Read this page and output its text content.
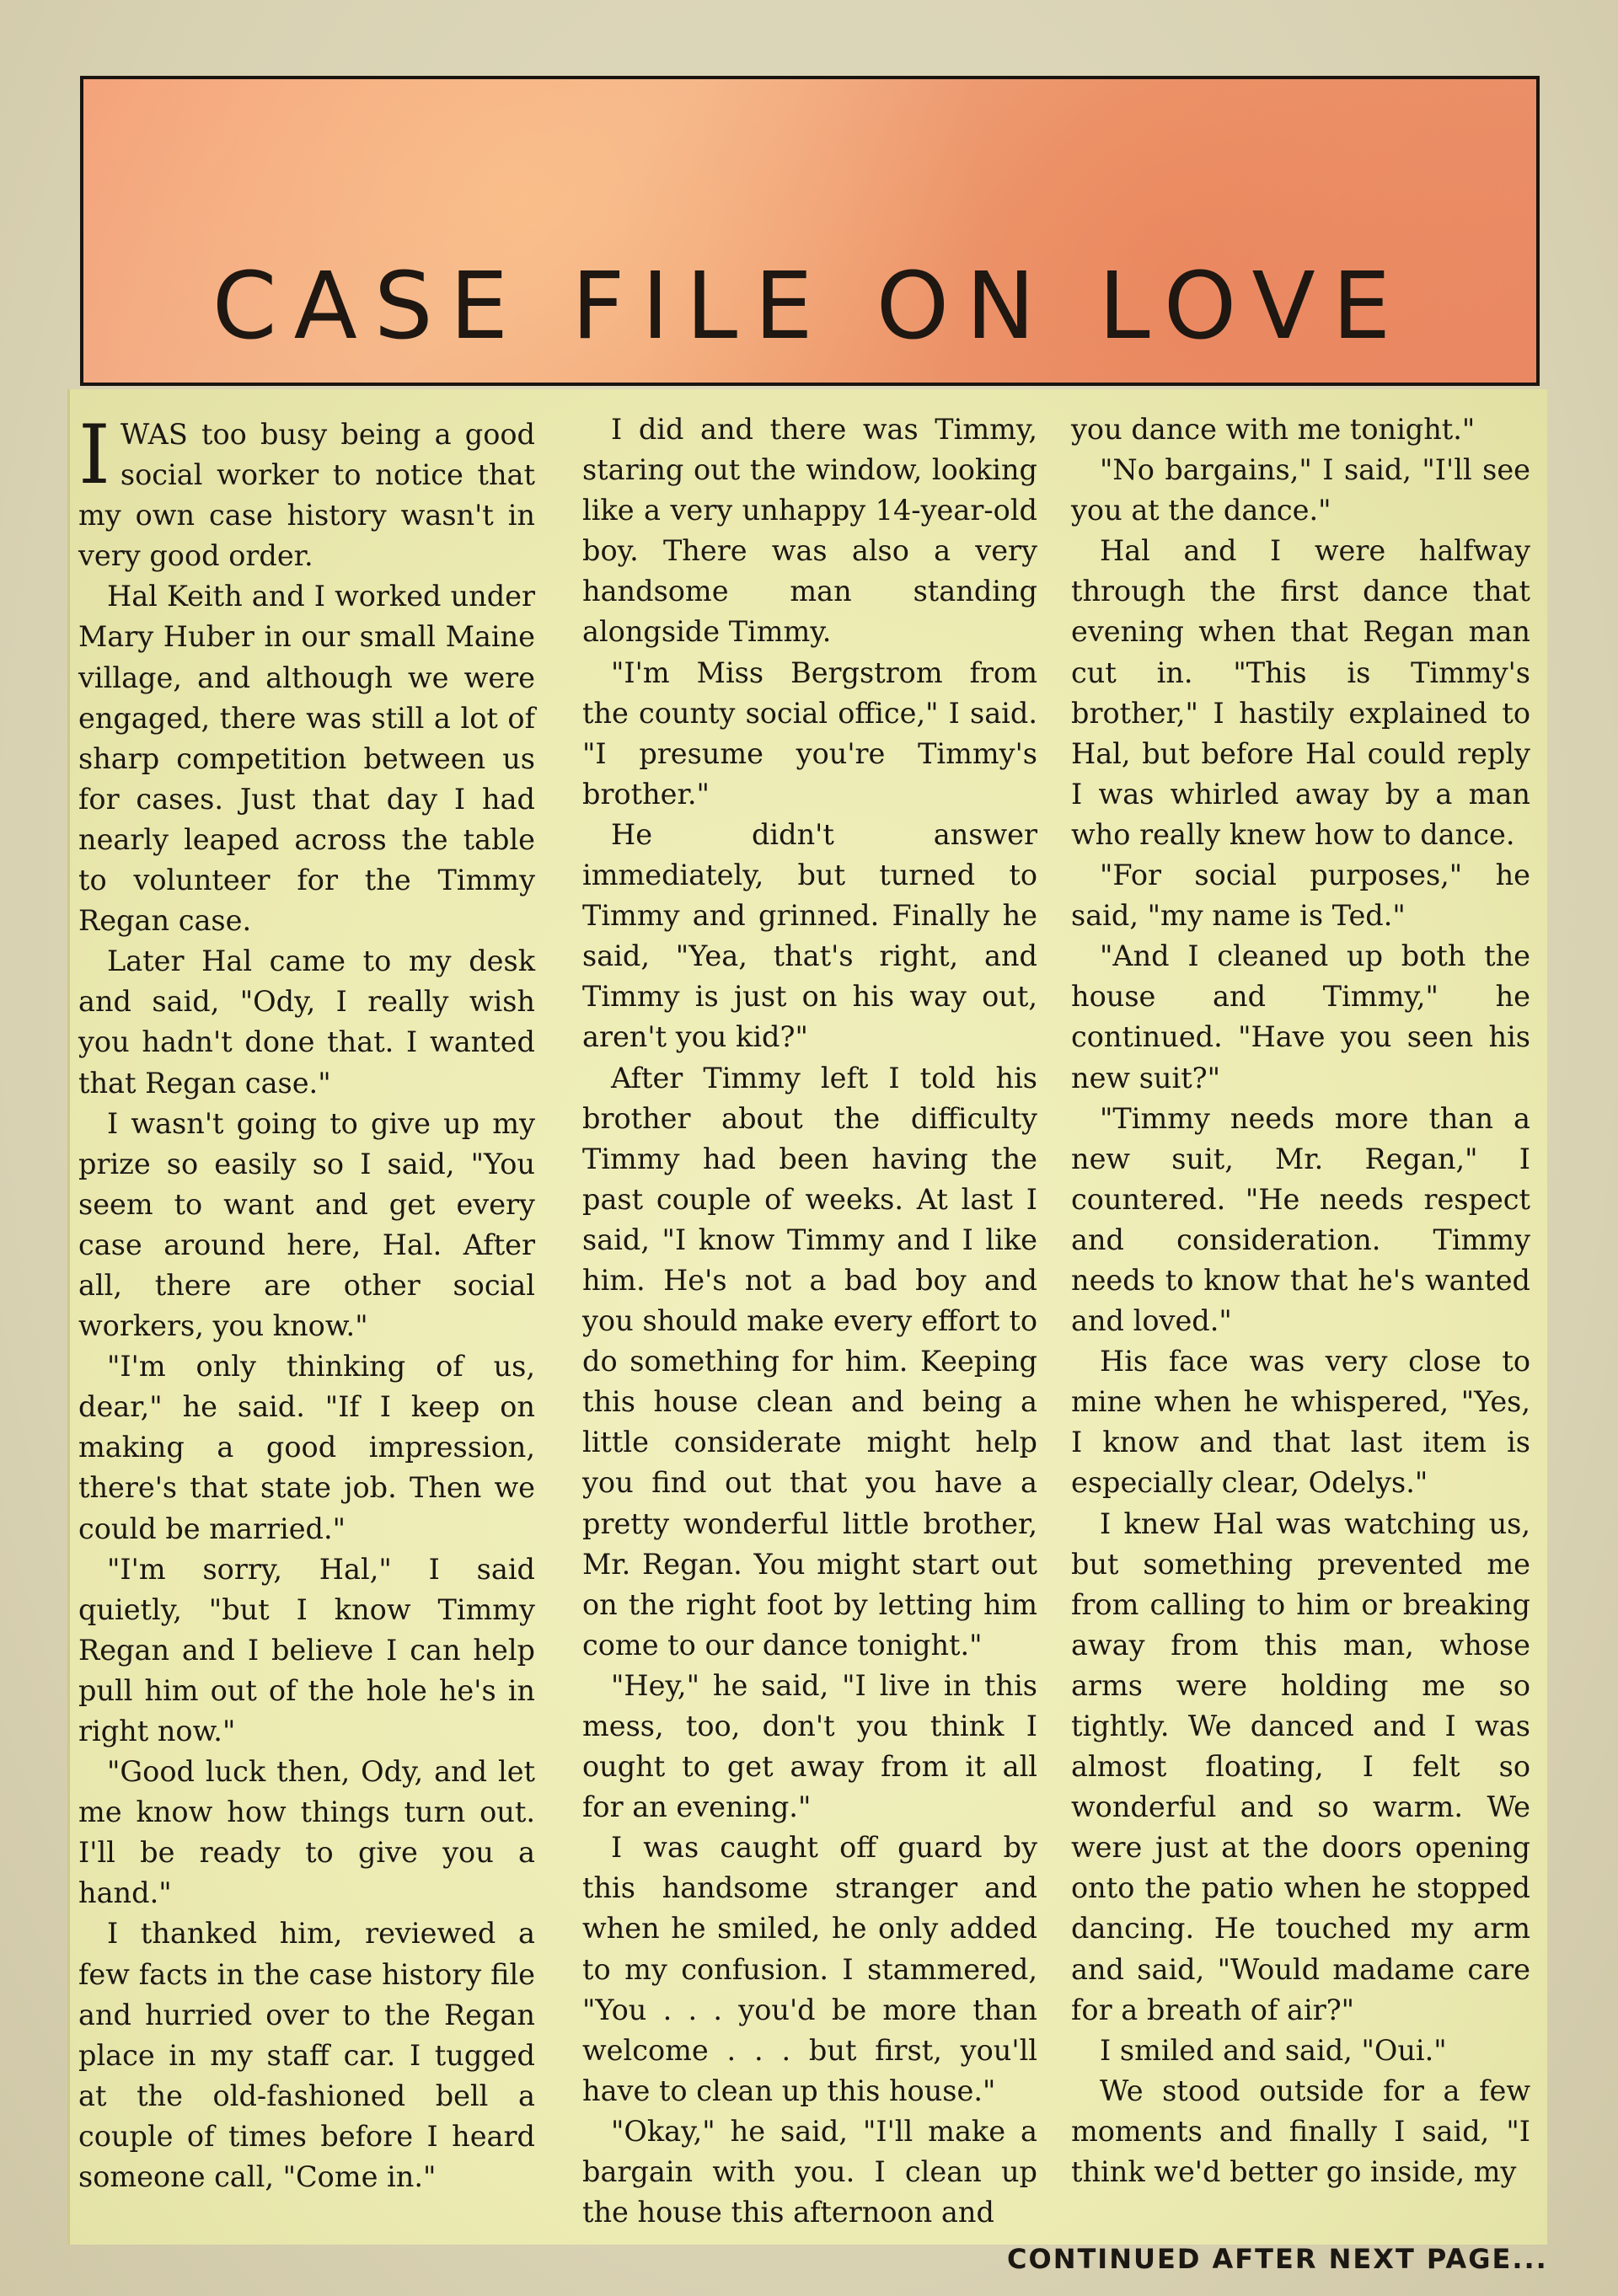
CASE FILE ON LOVE

IWAS too busy being a good social worker to notice that my own case history wasn't in very good order.

Hal Keith and I worked under Mary Huber in our small Maine village, and although we were engaged, there was still a lot of sharp competition between us for cases. Just that day I had nearly leaped across the table to volunteer for the Timmy Regan case.

Later Hal came to my desk and said, "Ody, I really wish you hadn't done that. I wanted that Regan case."

I wasn't going to give up my prize so easily so I said, "You seem to want and get every case around here, Hal. After all, there are other social workers, you know."

"I'm only thinking of us, dear," he said. "If I keep on making a good impression, there's that state job. Then we could be married."

"I'm sorry, Hal," I said quietly, "but I know Timmy Regan and I believe I can help pull him out of the hole he's in right now."

"Good luck then, Ody, and let me know how things turn out. I'll be ready to give you a hand."

I thanked him, reviewed a few facts in the case history file and hurried over to the Regan place in my staff car. I tugged at the old-fashioned bell a couple of times before I heard someone call, "Come in."

I did and there was Timmy, staring out the window, looking like a very unhappy 14-year-old boy. There was also a very handsome man standing alongside Timmy.

"I'm Miss Bergstrom from the county social office," I said. "I presume you're Timmy's brother."

He didn't answer immediately, but turned to Timmy and grinned. Finally he said, "Yea, that's right, and Timmy is just on his way out, aren't you kid?"

After Timmy left I told his brother about the difficulty Timmy had been having the past couple of weeks. At last I said, "I know Timmy and I like him. He's not a bad boy and you should make every effort to do something for him. Keeping this house clean and being a little considerate might help you find out that you have a pretty wonderful little brother, Mr. Regan. You might start out on the right foot by letting him come to our dance tonight."

"Hey," he said, "I live in this mess, too, don't you think I ought to get away from it all for an evening."

I was caught off guard by this handsome stranger and when he smiled, he only added to my confusion. I stammered, "You . . . you'd be more than welcome . . . but first, you'll have to clean up this house."

"Okay," he said, "I'll make a bargain with you. I clean up the house this afternoon and

you dance with me tonight."

"No bargains," I said, "I'll see you at the dance."

Hal and I were halfway through the first dance that evening when that Regan man cut in. "This is Timmy's brother," I hastily explained to Hal, but before Hal could reply I was whirled away by a man who really knew how to dance.

"For social purposes," he said, "my name is Ted."

"And I cleaned up both the house and Timmy," he continued. "Have you seen his new suit?"

"Timmy needs more than a new suit, Mr. Regan," I countered. "He needs respect and consideration. Timmy needs to know that he's wanted and loved."

His face was very close to mine when he whispered, "Yes, I know and that last item is especially clear, Odelys."

I knew Hal was watching us, but something prevented me from calling to him or breaking away from this man, whose arms were holding me so tightly. We danced and I was almost floating, I felt so wonderful and so warm. We were just at the doors opening onto the patio when he stopped dancing. He touched my arm and said, "Would madame care for a breath of air?"

I smiled and said, "Oui."

We stood outside for a few moments and finally I said, "I think we'd better go inside, my

CONTINUED AFTER NEXT PAGE...
